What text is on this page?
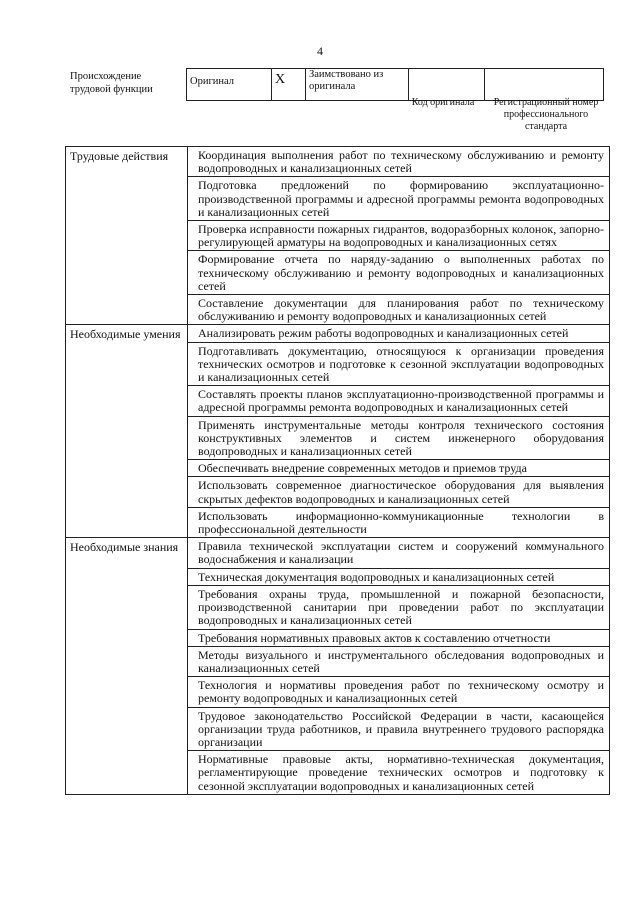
4
Происхождение трудовой функции
Оригинал	X	Заимствовано из оригинала		
Код оригинала	Регистрационный номер профессионального стандарта
Трудовые действия	Координация выполнения работ по техническому обслуживанию и ремонту водопроводных и канализационных сетей
	Подготовка предложений по формированию эксплуатационно-производственной программы и адресной программы ремонта водопроводных и канализационных сетей
	Проверка исправности пожарных гидрантов, водоразборных колонок, запорно-регулирующей арматуры на водопроводных и канализационных сетях
	Формирование отчета по наряду-заданию о выполненных работах по техническому обслуживанию и ремонту водопроводных и канализационных сетей
	Составление документации для планирования работ по техническому обслуживанию и ремонту водопроводных и канализационных сетей
Необходимые умения	Анализировать режим работы водопроводных и канализационных сетей
	Подготавливать документацию, относящуюся к организации проведения технических осмотров и подготовке к сезонной эксплуатации водопроводных и канализационных сетей
	Составлять проекты планов эксплуатационно-производственной программы и адресной программы ремонта водопроводных и канализационных сетей
	Применять инструментальные методы контроля технического состояния конструктивных элементов и систем инженерного оборудования водопроводных и канализационных сетей
	Обеспечивать внедрение современных методов и приемов труда
	Использовать современное диагностическое оборудования для выявления скрытых дефектов водопроводных и канализационных сетей
	Использовать информационно-коммуникационные технологии в профессиональной деятельности
Необходимые знания	Правила технической эксплуатации систем и сооружений коммунального водоснабжения и канализации
	Техническая документация водопроводных и канализационных сетей
	Требования охраны труда, промышленной и пожарной безопасности, производственной санитарии при проведении работ по эксплуатации водопроводных и канализационных сетей
	Требования нормативных правовых актов к составлению отчетности
	Методы визуального и инструментального обследования водопроводных и канализационных сетей
	Технология и нормативы проведения работ по техническому осмотру и ремонту водопроводных и канализационных сетей
	Трудовое законодательство Российской Федерации в части, касающейся организации труда работников, и правила внутреннего трудового распорядка организации
	Нормативные правовые акты, нормативно-техническая документация, регламентирующие проведение технических осмотров и подготовку к сезонной эксплуатации водопроводных и канализационных сетей
